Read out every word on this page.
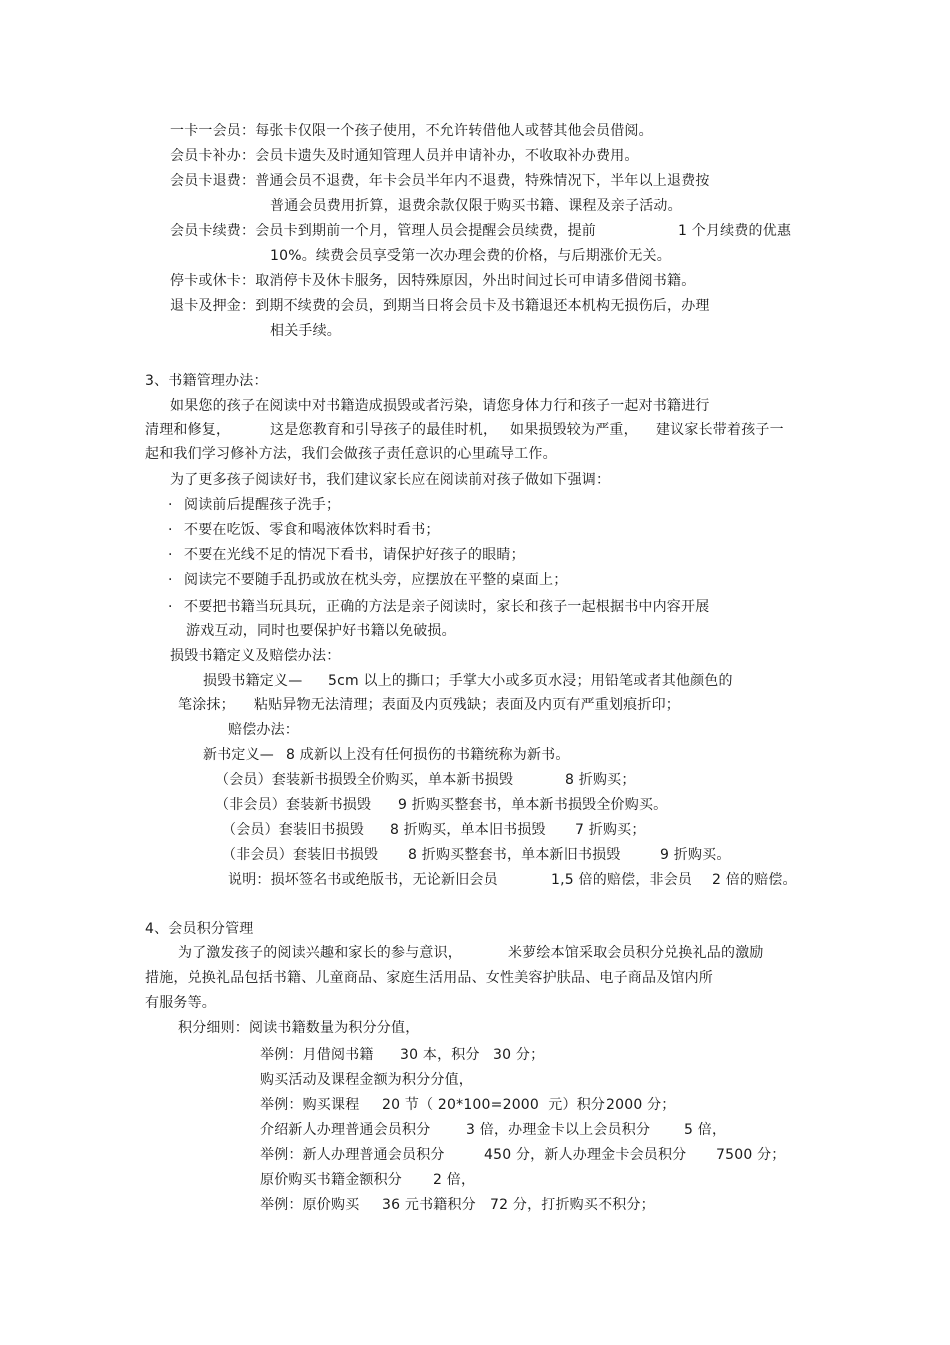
一卡一会员：每张卡仅限一个孩子使用，不允许转借他人或替其他会员借阅。
会员卡补办：会员卡遗失及时通知管理人员并申请补办，不收取补办费用。
会员卡退费：普通会员不退费，年卡会员半年内不退费，特殊情况下，半年以上退费按
普通会员费用折算，退费余款仅限于购买书籍、课程及亲子活动。
会员卡续费：会员卡到期前一个月，管理人员会提醒会员续费，提前	1 个月续费的优惠
10%。续费会员享受第一次办理会费的价格，与后期涨价无关。
停卡或休卡：取消停卡及休卡服务，因特殊原因，外出时间过长可申请多借阅书籍。
退卡及押金：到期不续费的会员，到期当日将会员卡及书籍退还本机构无损伤后，办理
相关手续。
3、书籍管理办法：
如果您的孩子在阅读中对书籍造成损毁或者污染，请您身体力行和孩子一起对书籍进行
清理和修复，	这是您教育和引导孩子的最佳时机， 如果损毁较为严重， 建议家长带着孩子一
起和我们学习修补方法，我们会做孩子责任意识的心里疏导工作。
为了更多孩子阅读好书，我们建议家长应在阅读前对孩子做如下强调：
· 阅读前后提醒孩子洗手；
· 不要在吃饭、零食和喝液体饮料时看书；
· 不要在光线不足的情况下看书，请保护好孩子的眼睛；
· 阅读完不要随手乱扔或放在枕头旁，应摆放在平整的桌面上；
· 不要把书籍当玩具玩，正确的方法是亲子阅读时，家长和孩子一起根据书中内容开展
游戏互动，同时也要保护好书籍以免破损。
损毁书籍定义及赔偿办法：
损毁书籍定义— 5cm 以上的撕口；手掌大小或多页水浸；用铅笔或者其他颜色的
笔涂抹； 粘贴异物无法清理；表面及内页残缺；表面及内页有严重划痕折印；
赔偿办法：
新书定义— 8 成新以上没有任何损伤的书籍统称为新书。
（会员）套装新书损毁全价购买，单本新书损毁	8 折购买；
（非会员）套装新书损毁 9 折购买整套书，单本新书损毁全价购买。
（会员）套装旧书损毁 8 折购买，单本旧书损毁 7 折购买；
（非会员）套装旧书损毁 8 折购买整套书，单本新旧书损毁	9 折购买。
说明：损坏签名书或绝版书，无论新旧会员	1,5 倍的赔偿，非会员 2 倍的赔偿。
4、会员积分管理
为了激发孩子的阅读兴趣和家长的参与意识，	米萝绘本馆采取会员积分兑换礼品的激励
措施，兑换礼品包括书籍、儿童商品、家庭生活用品、女性美容护肤品、电子商品及馆内所
有服务等。
积分细则：阅读书籍数量为积分分值，
举例：月借阅书籍 30 本，积分 30 分；
购买活动及课程金额为积分分值，
举例：购买课程 20 节（ 20*100=2000  元）积分 2000 分；
介绍新人办理普通会员积分	3 倍，办理金卡以上会员积分 5 倍，
举例：新人办理普通会员积分	450 分，新人办理金卡会员积分 7500 分；
原价购买书籍金额积分 2 倍，
举例：原价购买 36 元书籍积分 72 分，打折购买不积分；
